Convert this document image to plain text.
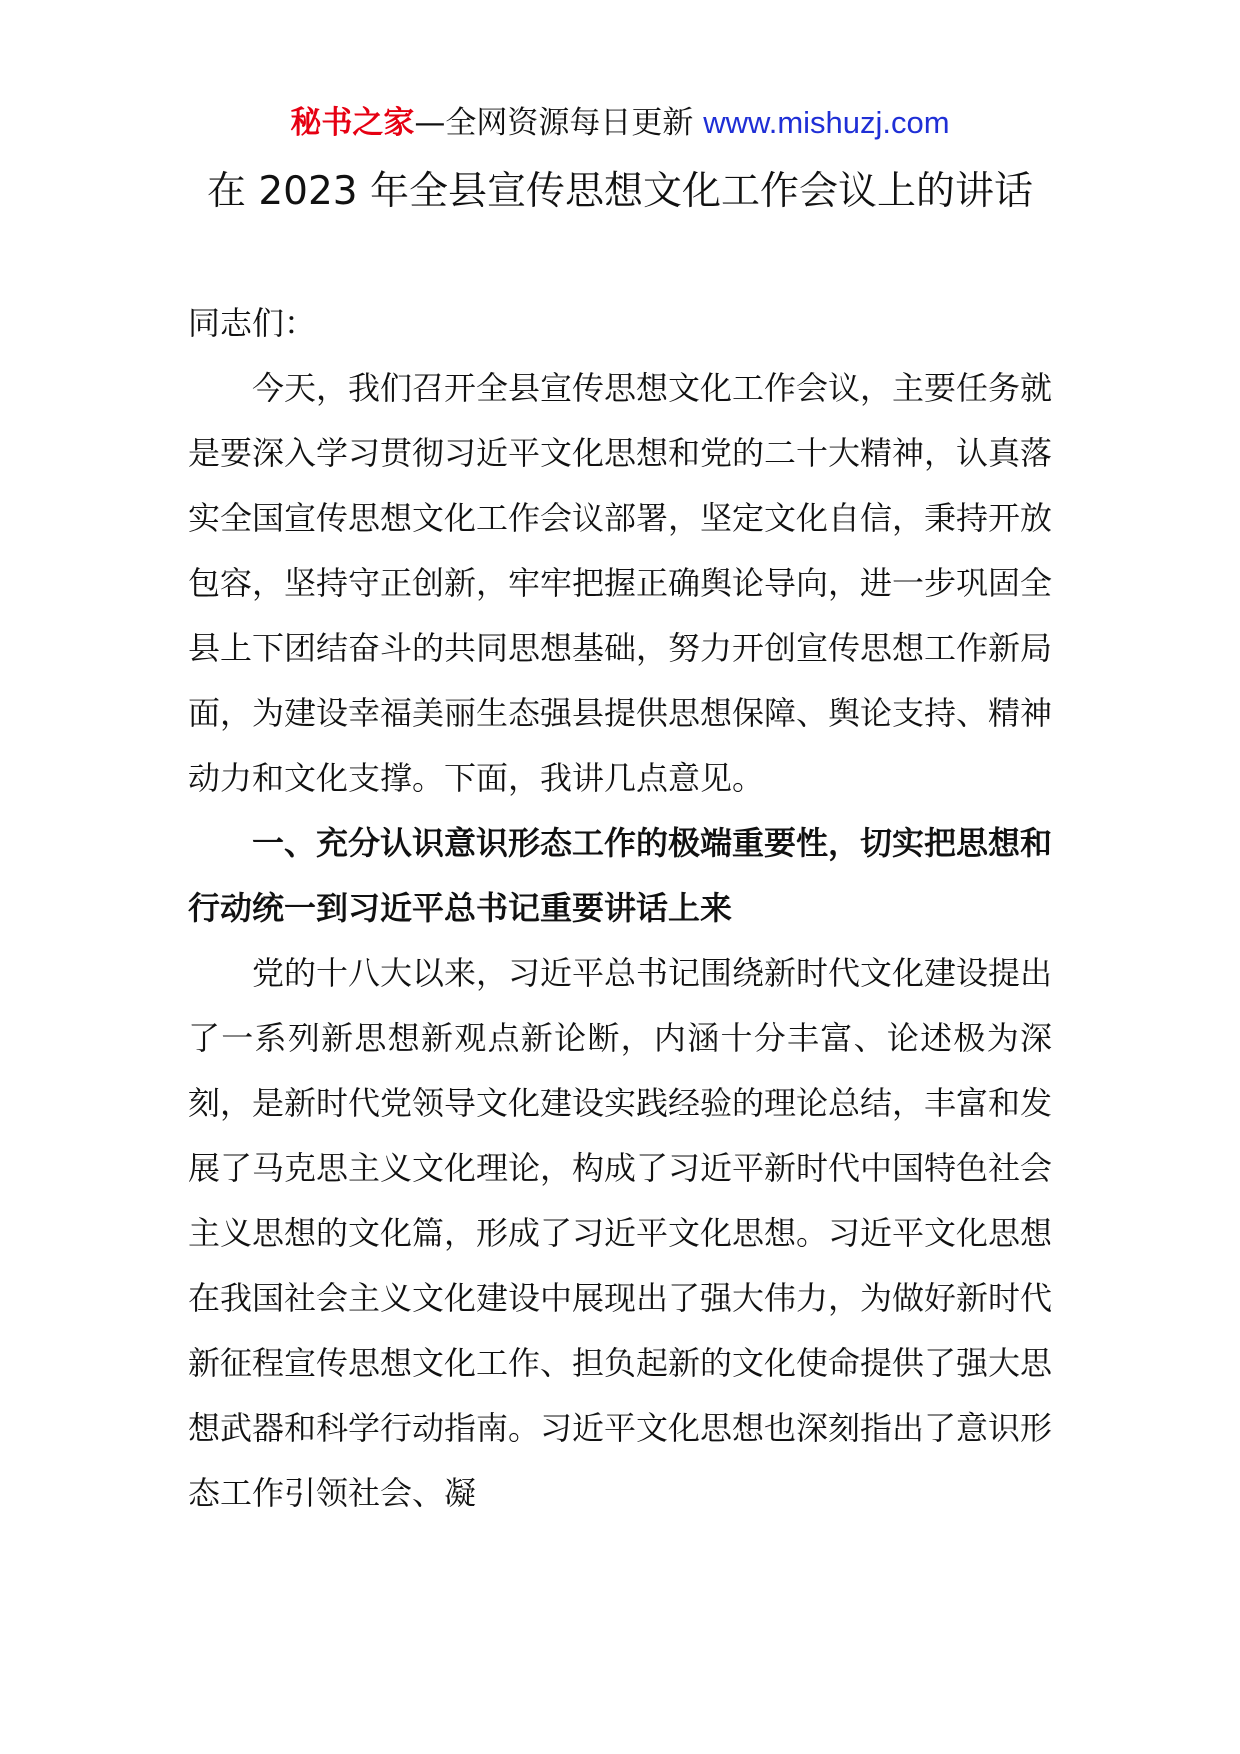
秘书之家—全网资源每日更新 www.mishuzj.com
在 2023 年全县宣传思想文化工作会议上的讲话

同志们：

今天，我们召开全县宣传思想文化工作会议，主要任务就是要深入学习贯彻习近平文化思想和党的二十大精神，认真落实全国宣传思想文化工作会议部署，坚定文化自信，秉持开放包容，坚持守正创新，牢牢把握正确舆论导向，进一步巩固全县上下团结奋斗的共同思想基础，努力开创宣传思想工作新局面，为建设幸福美丽生态强县提供思想保障、舆论支持、精神动力和文化支撑。下面，我讲几点意见。

一、充分认识意识形态工作的极端重要性，切实把思想和行动统一到习近平总书记重要讲话上来

党的十八大以来，习近平总书记围绕新时代文化建设提出了一系列新思想新观点新论断，内涵十分丰富、论述极为深刻，是新时代党领导文化建设实践经验的理论总结，丰富和发展了马克思主义文化理论，构成了习近平新时代中国特色社会主义思想的文化篇，形成了习近平文化思想。习近平文化思想在我国社会主义文化建设中展现出了强大伟力，为做好新时代新征程宣传思想文化工作、担负起新的文化使命提供了强大思想武器和科学行动指南。习近平文化思想也深刻指出了意识形态工作引领社会、凝
